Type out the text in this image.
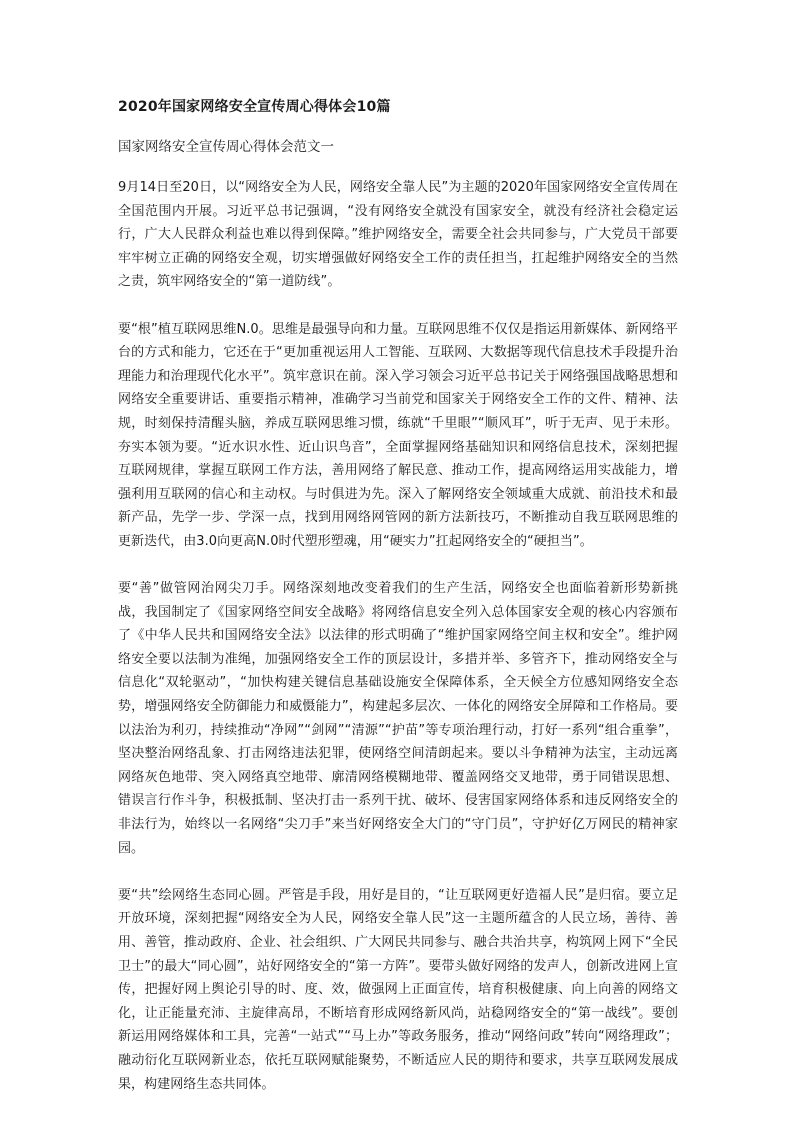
2020年国家网络安全宣传周心得体会10篇
国家网络安全宣传周心得体会范文一

9月14日至20日，以“网络安全为人民，网络安全靠人民”为主题的2020年国家网络安全宣传周在全国范围内开展。习近平总书记强调，“没有网络安全就没有国家安全，就没有经济社会稳定运行，广大人民群众利益也难以得到保障。”维护网络安全，需要全社会共同参与，广大党员干部要牢牢树立正确的网络安全观，切实增强做好网络安全工作的责任担当，扛起维护网络安全的当然之责，筑牢网络安全的“第一道防线”。

要“根”植互联网思维N.0。思维是最强导向和力量。互联网思维不仅仅是指运用新媒体、新网络平台的方式和能力，它还在于“更加重视运用人工智能、互联网、大数据等现代信息技术手段提升治理能力和治理现代化水平”。筑牢意识在前。深入学习领会习近平总书记关于网络强国战略思想和网络安全重要讲话、重要指示精神，准确学习当前党和国家关于网络安全工作的文件、精神、法规，时刻保持清醒头脑，养成互联网思维习惯，练就“千里眼”“顺风耳”，听于无声、见于未形。夯实本领为要。“近水识水性、近山识鸟音”，全面掌握网络基础知识和网络信息技术，深刻把握互联网规律，掌握互联网工作方法，善用网络了解民意、推动工作，提高网络运用实战能力，增强利用互联网的信心和主动权。与时俱进为先。深入了解网络安全领域重大成就、前沿技术和最新产品，先学一步、学深一点，找到用网络网管网的新方法新技巧，不断推动自我互联网思维的更新迭代，由3.0向更高N.0时代塑形塑魂，用“硬实力”扛起网络安全的“硬担当”。

要“善”做管网治网尖刀手。网络深刻地改变着我们的生产生活，网络安全也面临着新形势新挑战，我国制定了《国家网络空间安全战略》将网络信息安全列入总体国家安全观的核心内容颁布了《中华人民共和国网络安全法》以法律的形式明确了“维护国家网络空间主权和安全”。维护网络安全要以法制为准绳，加强网络安全工作的顶层设计，多措并举、多管齐下，推动网络安全与信息化“双轮驱动”，“加快构建关键信息基础设施安全保障体系，全天候全方位感知网络安全态势，增强网络安全防御能力和威慑能力”，构建起多层次、一体化的网络安全屏障和工作格局。要以法治为利刃，持续推动“净网”“剑网”“清源”“护苗”等专项治理行动，打好一系列“组合重拳”，坚决整治网络乱象、打击网络违法犯罪，使网络空间清朗起来。要以斗争精神为法宝，主动远离网络灰色地带、突入网络真空地带、廓清网络模糊地带、覆盖网络交叉地带，勇于同错误思想、错误言行作斗争，积极抵制、坚决打击一系列干扰、破坏、侵害国家网络体系和违反网络安全的非法行为，始终以一名网络“尖刀手”来当好网络安全大门的“守门员”，守护好亿万网民的精神家园。

要“共”绘网络生态同心圆。严管是手段，用好是目的，“让互联网更好造福人民”是归宿。要立足开放环境，深刻把握“网络安全为人民，网络安全靠人民”这一主题所蕴含的人民立场，善待、善用、善管，推动政府、企业、社会组织、广大网民共同参与、融合共治共享，构筑网上网下“全民卫士”的最大“同心圆”，站好网络安全的“第一方阵”。要带头做好网络的发声人，创新改进网上宣传，把握好网上舆论引导的时、度、效，做强网上正面宣传，培育积极健康、向上向善的网络文化，让正能量充沛、主旋律高昂，不断培育形成网络新风尚，站稳网络安全的“第一战线”。要创新运用网络媒体和工具，完善“一站式”“马上办”等政务服务，推动“网络问政”转向“网络理政”；融动衍化互联网新业态，依托互联网赋能聚势，不断适应人民的期待和要求，共享互联网发展成果，构建网络生态共同体。
